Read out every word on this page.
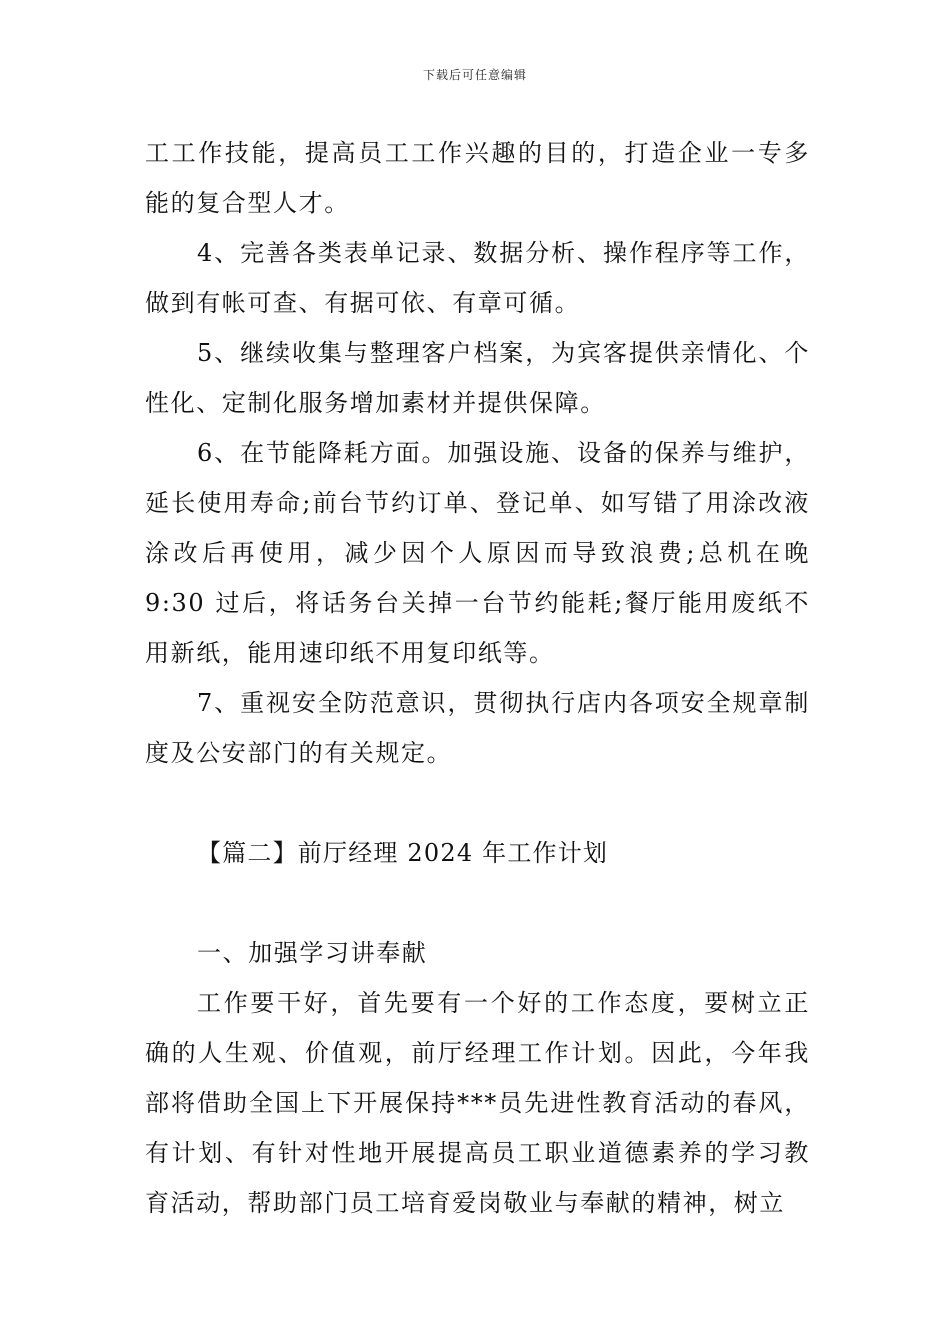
下载后可任意编辑

工工作技能，提高员工工作兴趣的目的，打造企业一专多能的复合型人才。

4、完善各类表单记录、数据分析、操作程序等工作，做到有帐可查、有据可依、有章可循。

5、继续收集与整理客户档案，为宾客提供亲情化、个性化、定制化服务增加素材并提供保障。

6、在节能降耗方面。加强设施、设备的保养与维护，延长使用寿命;前台节约订单、登记单、如写错了用涂改液涂改后再使用，减少因个人原因而导致浪费;总机在晚 9:30 过后，将话务台关掉一台节约能耗;餐厅能用废纸不用新纸，能用速印纸不用复印纸等。

7、重视安全防范意识，贯彻执行店内各项安全规章制度及公安部门的有关规定。

【篇二】前厅经理 2024 年工作计划

一、加强学习讲奉献

工作要干好，首先要有一个好的工作态度，要树立正确的人生观、价值观，前厅经理工作计划。因此，今年我部将借助全国上下开展保持***员先进性教育活动的春风，有计划、有针对性地开展提高员工职业道德素养的学习教育活动，帮助部门员工培育爱岗敬业与奉献的精神，树立
